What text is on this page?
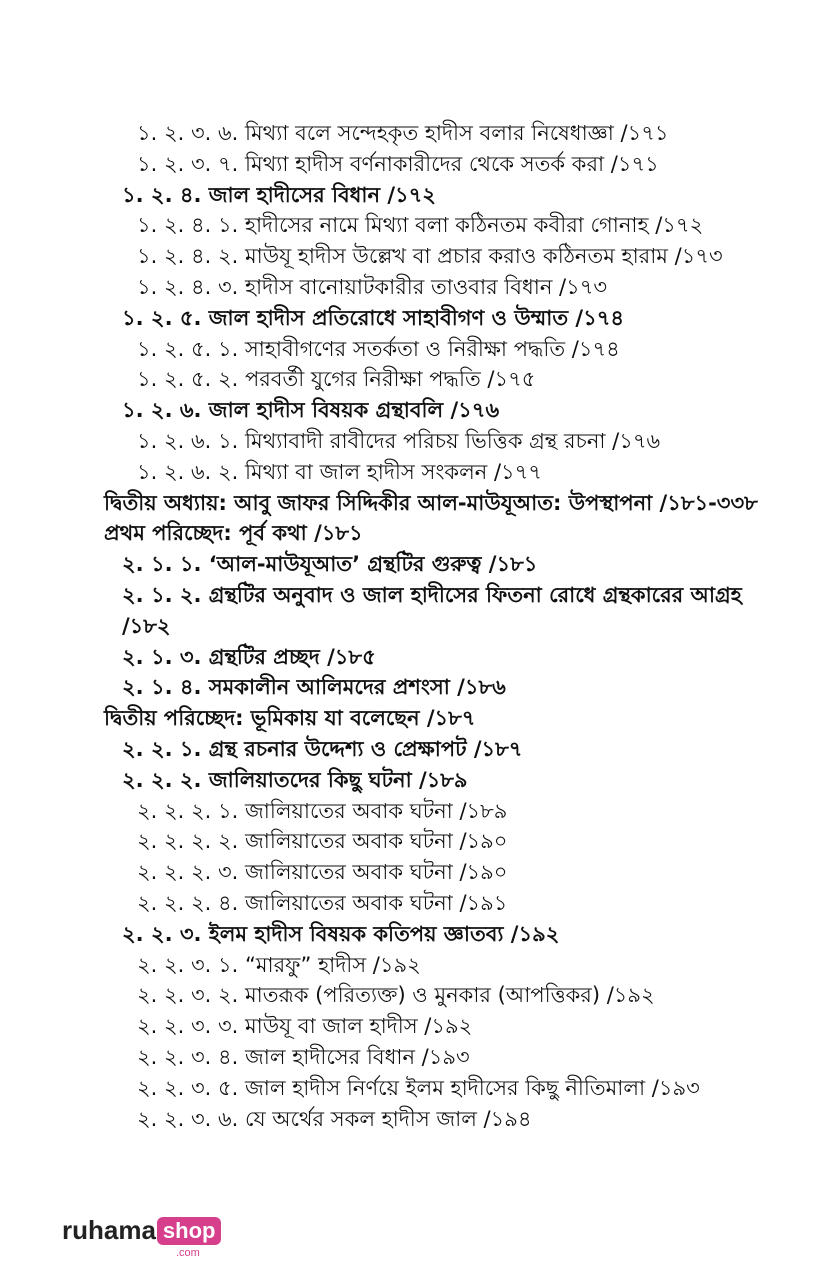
১. ২. ৩. ৬. মিথ্যা বলে সন্দেহকৃত হাদীস বলার নিষেধাজ্ঞা /১৭১
১. ২. ৩. ৭. মিথ্যা হাদীস বর্ণনাকারীদের থেকে সতর্ক করা /১৭১
১. ২. ৪. জাল হাদীসের বিধান /১৭২
১. ২. ৪. ১. হাদীসের নামে মিথ্যা বলা কঠিনতম কবীরা গোনাহ /১৭২
১. ২. ৪. ২. মাউযূ হাদীস উল্লেখ বা প্রচার করাও কঠিনতম হারাম /১৭৩
১. ২. ৪. ৩. হাদীস বানোয়াটকারীর তাওবার বিধান /১৭৩
১. ২. ৫. জাল হাদীস প্রতিরোধে সাহাবীগণ ও উম্মাত /১৭৪
১. ২. ৫. ১. সাহাবীগণের সতর্কতা ও নিরীক্ষা পদ্ধতি /১৭৪
১. ২. ৫. ২. পরবর্তী যুগের নিরীক্ষা পদ্ধতি /১৭৫
১. ২. ৬. জাল হাদীস বিষয়ক গ্রন্থাবলি /১৭৬
১. ২. ৬. ১. মিথ্যাবাদী রাবীদের পরিচয় ভিত্তিক গ্রন্থ রচনা /১৭৬
১. ২. ৬. ২. মিথ্যা বা জাল হাদীস সংকলন /১৭৭
দ্বিতীয় অধ্যায়: আবু জাফর সিদ্দিকীর আল-মাউযূআত: উপস্থাপনা /১৮১-৩৩৮
প্রথম পরিচ্ছেদ: পূর্ব কথা /১৮১
২. ১. ১. ‘আল-মাউযূআত’ গ্রন্থটির গুরুত্ব /১৮১
২. ১. ২. গ্রন্থটির অনুবাদ ও জাল হাদীসের ফিতনা রোধে গ্রন্থকারের আগ্রহ /১৮২
২. ১. ৩. গ্রন্থটির প্রচ্ছদ /১৮৫
২. ১. ৪. সমকালীন আলিমদের প্রশংসা /১৮৬
দ্বিতীয় পরিচ্ছেদ: ভূমিকায় যা বলেছেন /১৮৭
২. ২. ১. গ্রন্থ রচনার উদ্দেশ্য ও প্রেক্ষাপট /১৮৭
২. ২. ২. জালিয়াতদের কিছু ঘটনা /১৮৯
২. ২. ২. ১. জালিয়াতের অবাক ঘটনা /১৮৯
২. ২. ২. ২. জালিয়াতের অবাক ঘটনা /১৯০
২. ২. ২. ৩. জালিয়াতের অবাক ঘটনা /১৯০
২. ২. ২. ৪. জালিয়াতের অবাক ঘটনা /১৯১
২. ২. ৩. ইলম হাদীস বিষয়ক কতিপয় জ্ঞাতব্য /১৯২
২. ২. ৩. ১. “মারফু” হাদীস /১৯২
২. ২. ৩. ২. মাতরূক (পরিত্যক্ত) ও মুনকার (আপত্তিকর) /১৯২
২. ২. ৩. ৩. মাউযূ বা জাল হাদীস /১৯২
২. ২. ৩. ৪. জাল হাদীসের বিধান /১৯৩
২. ২. ৩. ৫. জাল হাদীস নির্ণয়ে ইলম হাদীসের কিছু নীতিমালা /১৯৩
২. ২. ৩. ৬. যে অর্থের সকল হাদীস জাল /১৯৪
ruhama shop
.com
